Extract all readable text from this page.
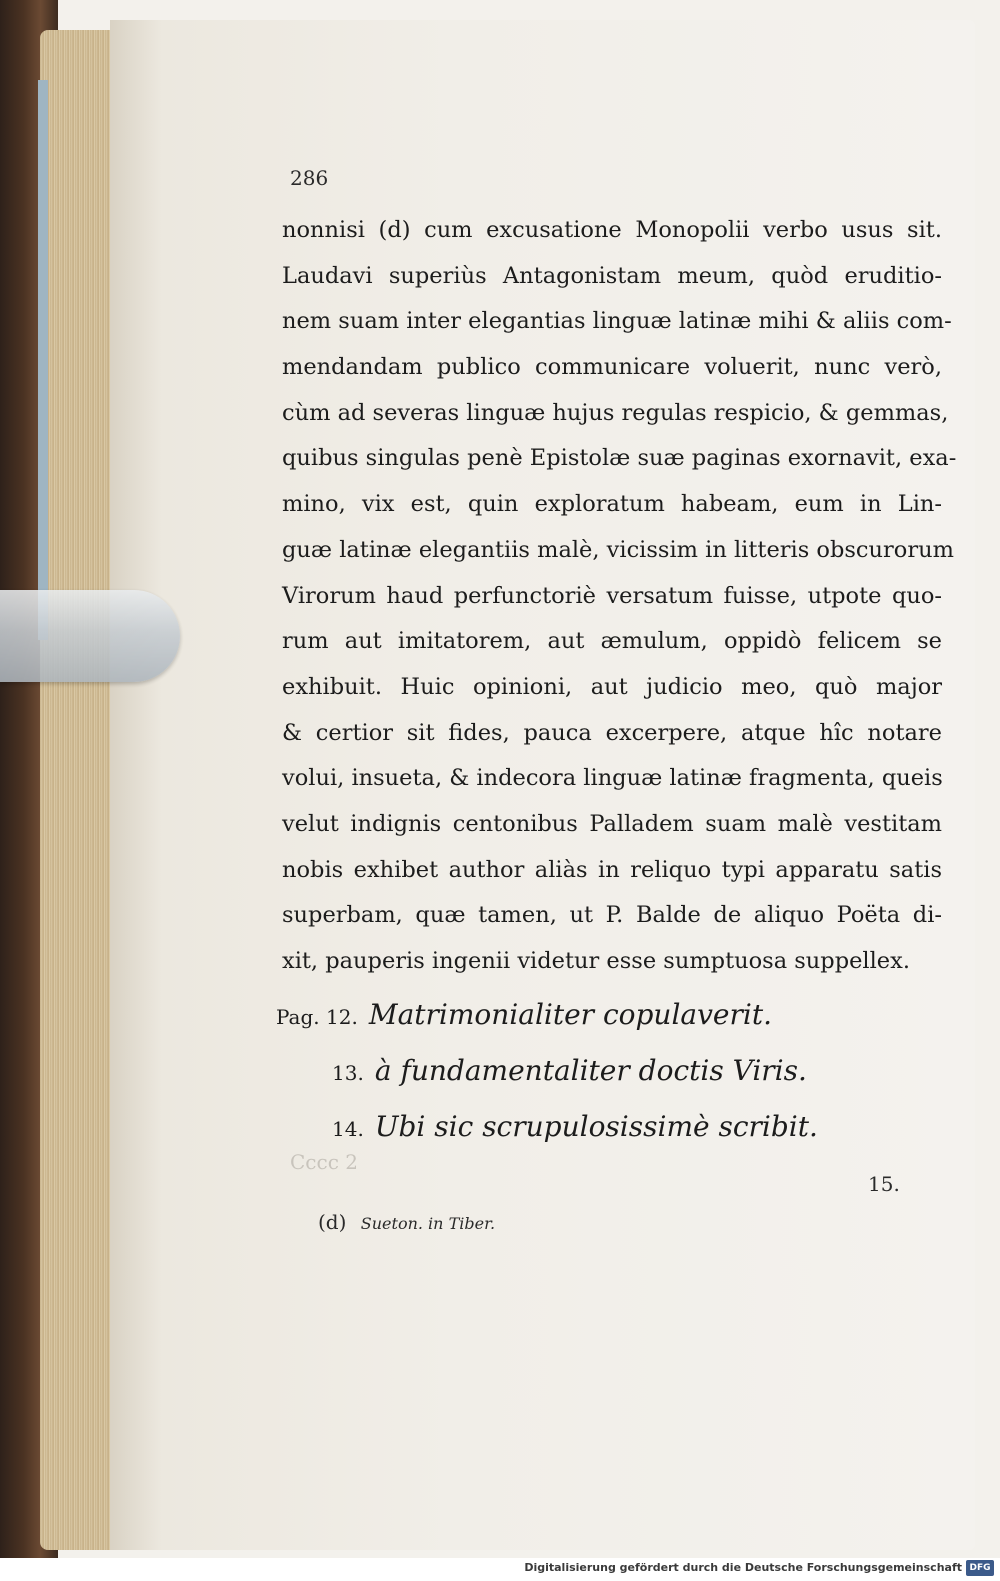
Cccc 2
286
nonnisi (d) cum excusatione Monopolii verbo usus sit.
Laudavi superiùs Antagonistam meum, quòd eruditio-
nem suam inter elegantias linguæ latinæ mihi & aliis com-
mendandam publico communicare voluerit, nunc verò,
cùm ad severas linguæ hujus regulas respicio, & gemmas,
quibus singulas penè Epistolæ suæ paginas exornavit, exa-
mino, vix est, quin exploratum habeam, eum in Lin-
guæ latinæ elegantiis malè, vicissim in litteris obscurorum
Virorum haud perfunctoriè versatum fuisse, utpote quo-
rum aut imitatorem, aut æmulum, oppidò felicem se
exhibuit. Huic opinioni, aut judicio meo, quò major
& certior sit fides, pauca excerpere, atque hîc notare
volui, insueta, & indecora linguæ latinæ fragmenta, queis
velut indignis centonibus Palladem suam malè vestitam
nobis exhibet author aliàs in reliquo typi apparatu satis
superbam, quæ tamen, ut P. Balde de aliquo Poëta di-
xit, pauperis ingenii videtur esse sumptuosa suppellex.
Pag. 12. Matrimonialiter copulaverit.
13. à fundamentaliter doctis Viris.
14. Ubi sic scrupulosissimè scribit.
15.
(d) Sueton. in Tiber.
Digitalisierung gefördert durch die Deutsche Forschungsgemeinschaft DFG
